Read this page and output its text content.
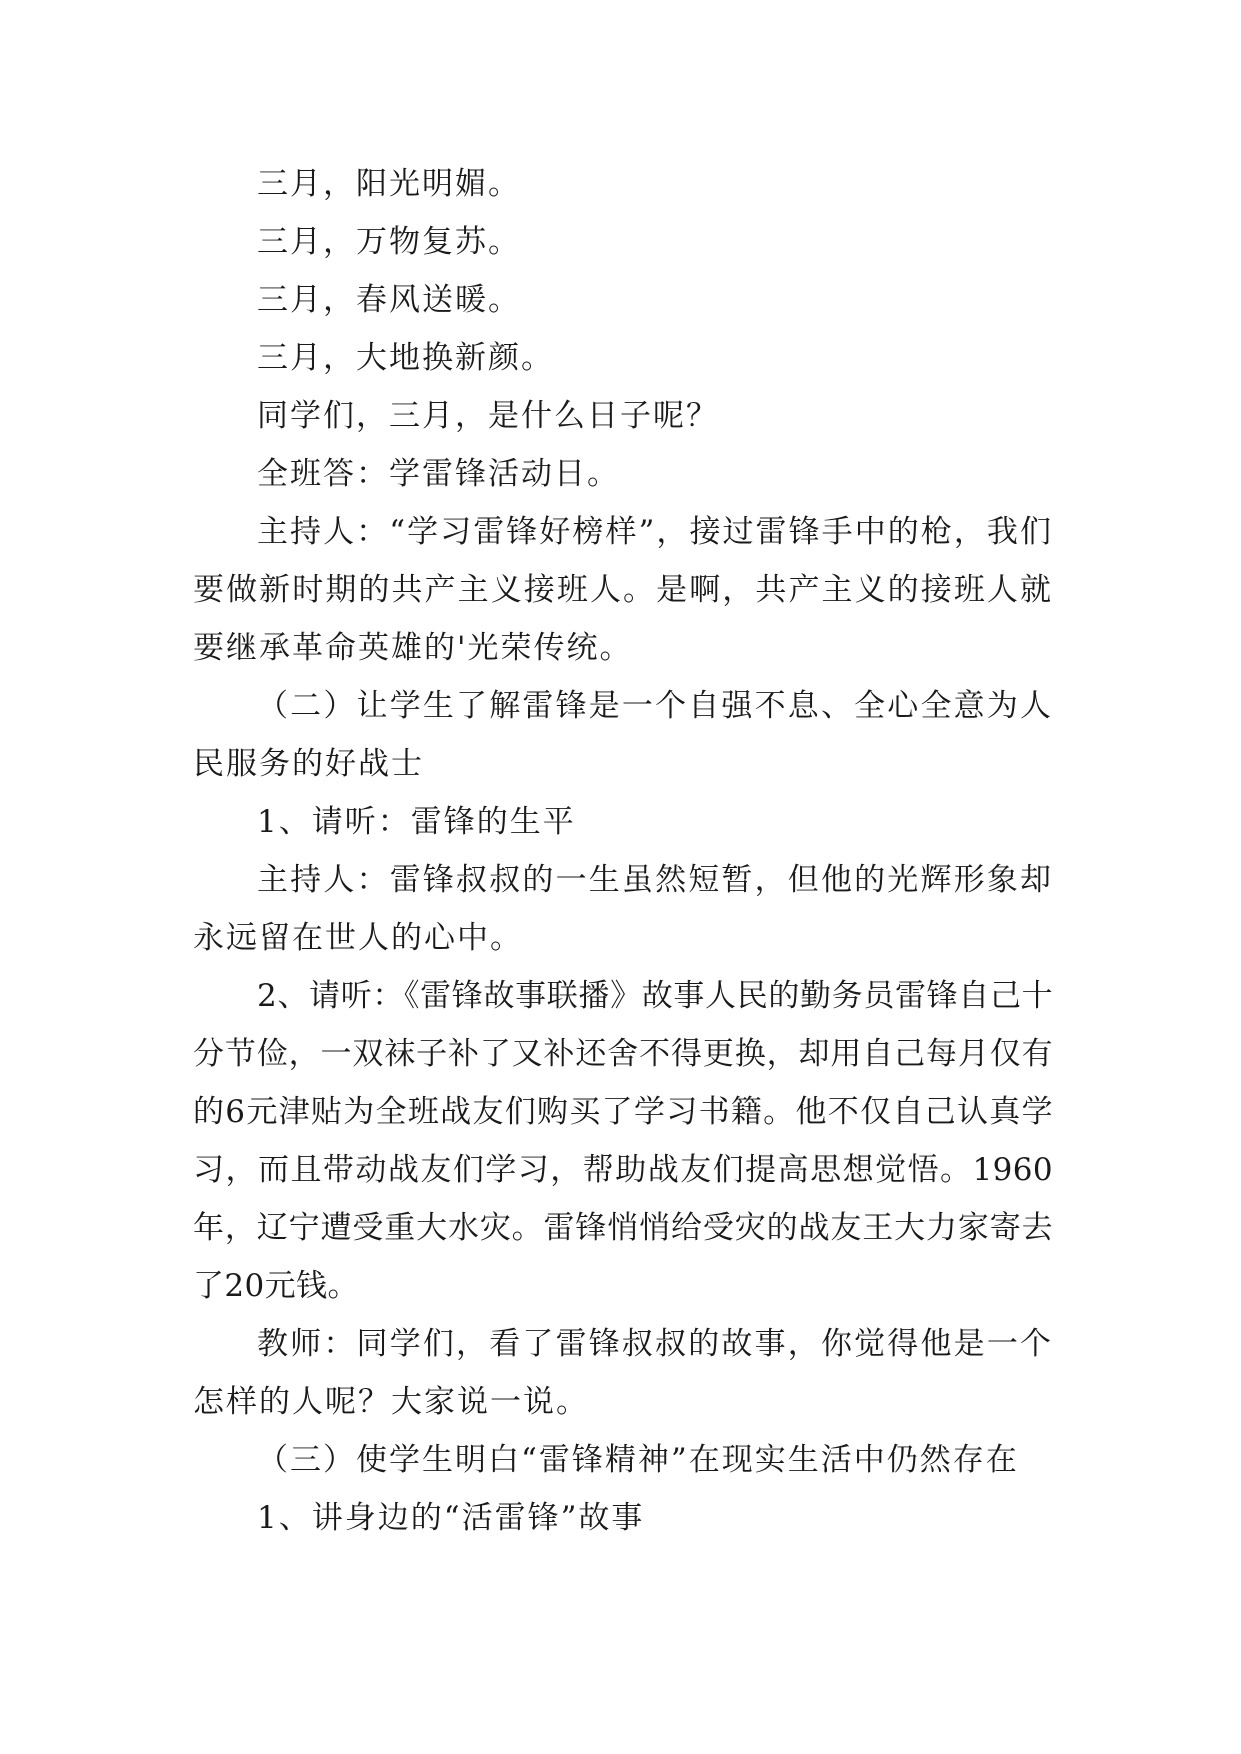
三月，阳光明媚。

三月，万物复苏。

三月，春风送暖。

三月，大地换新颜。

同学们，三月，是什么日子呢？

全班答：学雷锋活动日。

主持人：“学习雷锋好榜样”，接过雷锋手中的枪，我们要做新时期的共产主义接班人。是啊，共产主义的接班人就要继承革命英雄的'光荣传统。

（二）让学生了解雷锋是一个自强不息、全心全意为人民服务的好战士

1、请听：雷锋的生平

主持人：雷锋叔叔的一生虽然短暂，但他的光辉形象却永远留在世人的心中。

2、请听：《雷锋故事联播》故事人民的勤务员雷锋自己十分节俭，一双袜子补了又补还舍不得更换，却用自己每月仅有的6元津贴为全班战友们购买了学习书籍。他不仅自己认真学习，而且带动战友们学习，帮助战友们提高思想觉悟。1960年，辽宁遭受重大水灾。雷锋悄悄给受灾的战友王大力家寄去了20元钱。

教师：同学们，看了雷锋叔叔的故事，你觉得他是一个怎样的人呢？大家说一说。

（三）使学生明白“雷锋精神”在现实生活中仍然存在

1、讲身边的“活雷锋”故事
